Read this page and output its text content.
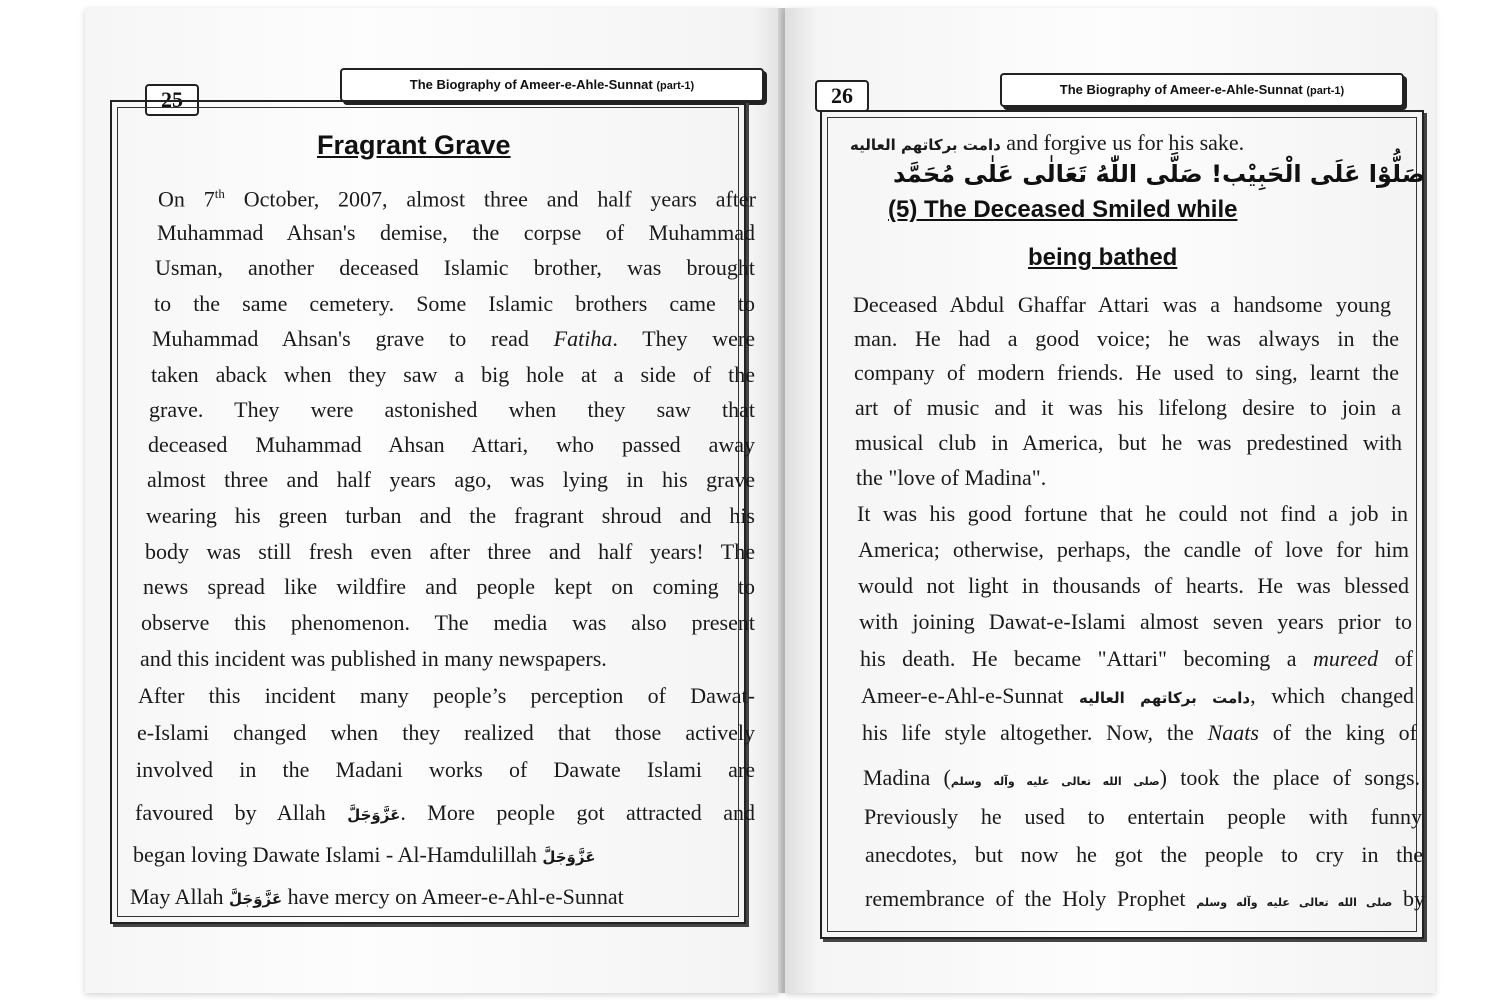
25
The Biography of Ameer-e-Ahle-Sunnat (part-1)
Fragrant Grave
On 7th October, 2007, almost three and half years after
Muhammad Ahsan's demise, the corpse of Muhammad
Usman, another deceased Islamic brother, was brought
to the same cemetery. Some Islamic brothers came to
Muhammad Ahsan's grave to read Fatiha. They were
taken aback when they saw a big hole at a side of the
grave. They were astonished when they saw that
deceased Muhammad Ahsan Attari, who passed away
almost three and half years ago, was lying in his grave
wearing his green turban and the fragrant shroud and his
body was still fresh even after three and half years! The
news spread like wildfire and people kept on coming to
observe this phenomenon. The media was also present
and this incident was published in many newspapers.
After this incident many people’s perception of Dawat-
e-Islami changed when they realized that those actively
involved in the Madani works of Dawate Islami are
favoured by Allah عَزَّوَجَلَّ. More people got attracted and
began loving Dawate Islami - Al-Hamdulillah عَزَّوَجَلَّ
May Allah عَزَّوَجَلَّ have mercy on Ameer-e-Ahl-e-Sunnat
26	The Biography of Ameer-e-Ahle-Sunnat (part-1)
دامت بركاتهم العاليه and forgive us for his sake.
صَلُّوْا عَلَى الْحَبِيْب! صَلَّى اللّٰهُ تَعَالٰى عَلٰى مُحَمَّد
(5) The Deceased Smiled while
being bathed
Deceased Abdul Ghaffar Attari was a handsome young
man. He had a good voice; he was always in the
company of modern friends. He used to sing, learnt the
art of music and it was his lifelong desire to join a
musical club in America, but he was predestined with
the "love of Madina".
It was his good fortune that he could not find a job in
America; otherwise, perhaps, the candle of love for him
would not light in thousands of hearts. He was blessed
with joining Dawat-e-Islami almost seven years prior to
his death. He became "Attari" becoming a mureed of
Ameer-e-Ahl-e-Sunnat دامت بركاتهم العاليه, which changed
his life style altogether. Now, the Naats of the king of
Madina (صلى الله تعالى عليه وآله وسلم) took the place of songs.
Previously he used to entertain people with funny
anecdotes, but now he got the people to cry in the
remembrance of the Holy Prophet صلى الله تعالى عليه وآله وسلم by
